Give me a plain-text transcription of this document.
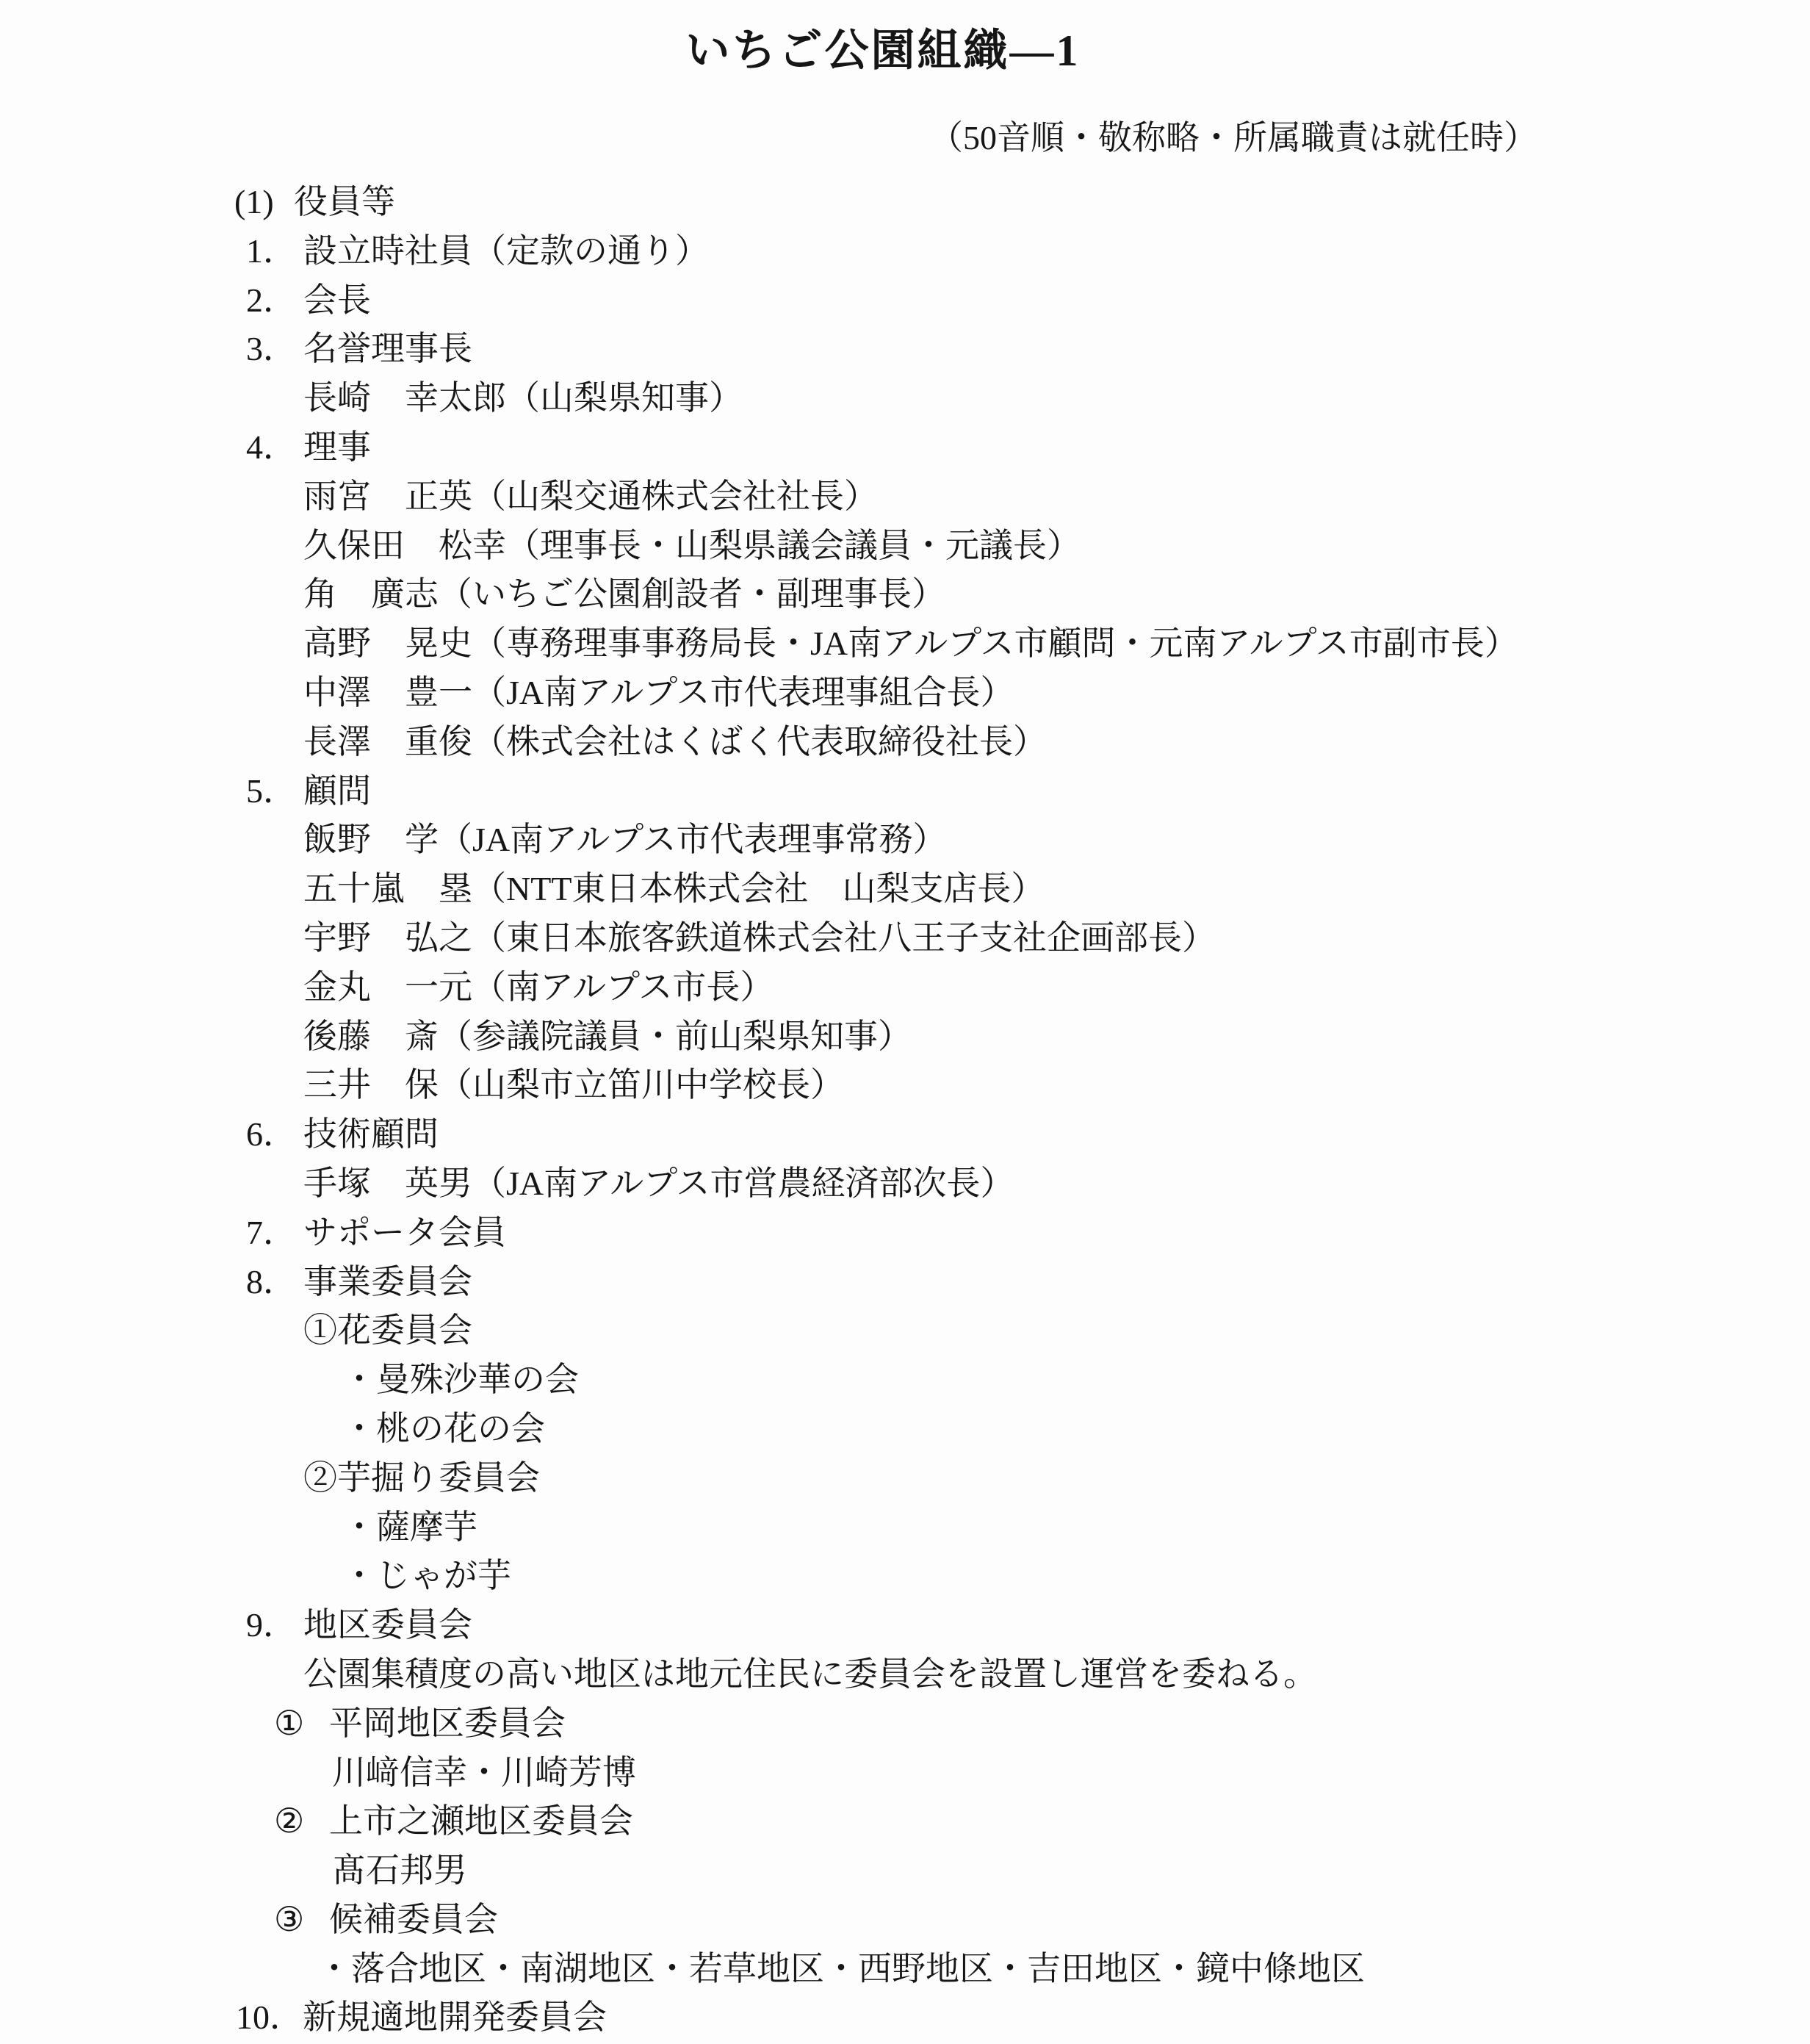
いちご公園組織―1
（50音順・敬称略・所属職責は就任時）
(1) 役員等
1． 設立時社員（定款の通り）
2． 会長
3． 名誉理事長
長崎　幸太郎（山梨県知事）
4． 理事
雨宮　正英（山梨交通株式会社社長）
久保田　松幸（理事長・山梨県議会議員・元議長）
角　廣志（いちご公園創設者・副理事長）
高野　晃史（専務理事事務局長・JA南アルプス市顧問・元南アルプス市副市長）
中澤　豊一（JA南アルプス市代表理事組合長）
長澤　重俊（株式会社はくばく代表取締役社長）
5． 顧問
飯野　学（JA南アルプス市代表理事常務）
五十嵐　塁（NTT東日本株式会社　山梨支店長）
宇野　弘之（東日本旅客鉄道株式会社八王子支社企画部長）
金丸　一元（南アルプス市長）
後藤　斎（参議院議員・前山梨県知事）
三井　保（山梨市立笛川中学校長）
6． 技術顧問
手塚　英男（JA南アルプス市営農経済部次長）
7． サポータ会員
8． 事業委員会
①花委員会
・曼殊沙華の会
・桃の花の会
②芋掘り委員会
・薩摩芋
・じゃが芋
9． 地区委員会
公園集積度の高い地区は地元住民に委員会を設置し運営を委ねる。
① 平岡地区委員会
川﨑信幸・川崎芳博
② 上市之瀬地区委員会
髙石邦男
③ 候補委員会
・落合地区・南湖地区・若草地区・西野地区・吉田地区・鏡中條地区
10．新規適地開発委員会
